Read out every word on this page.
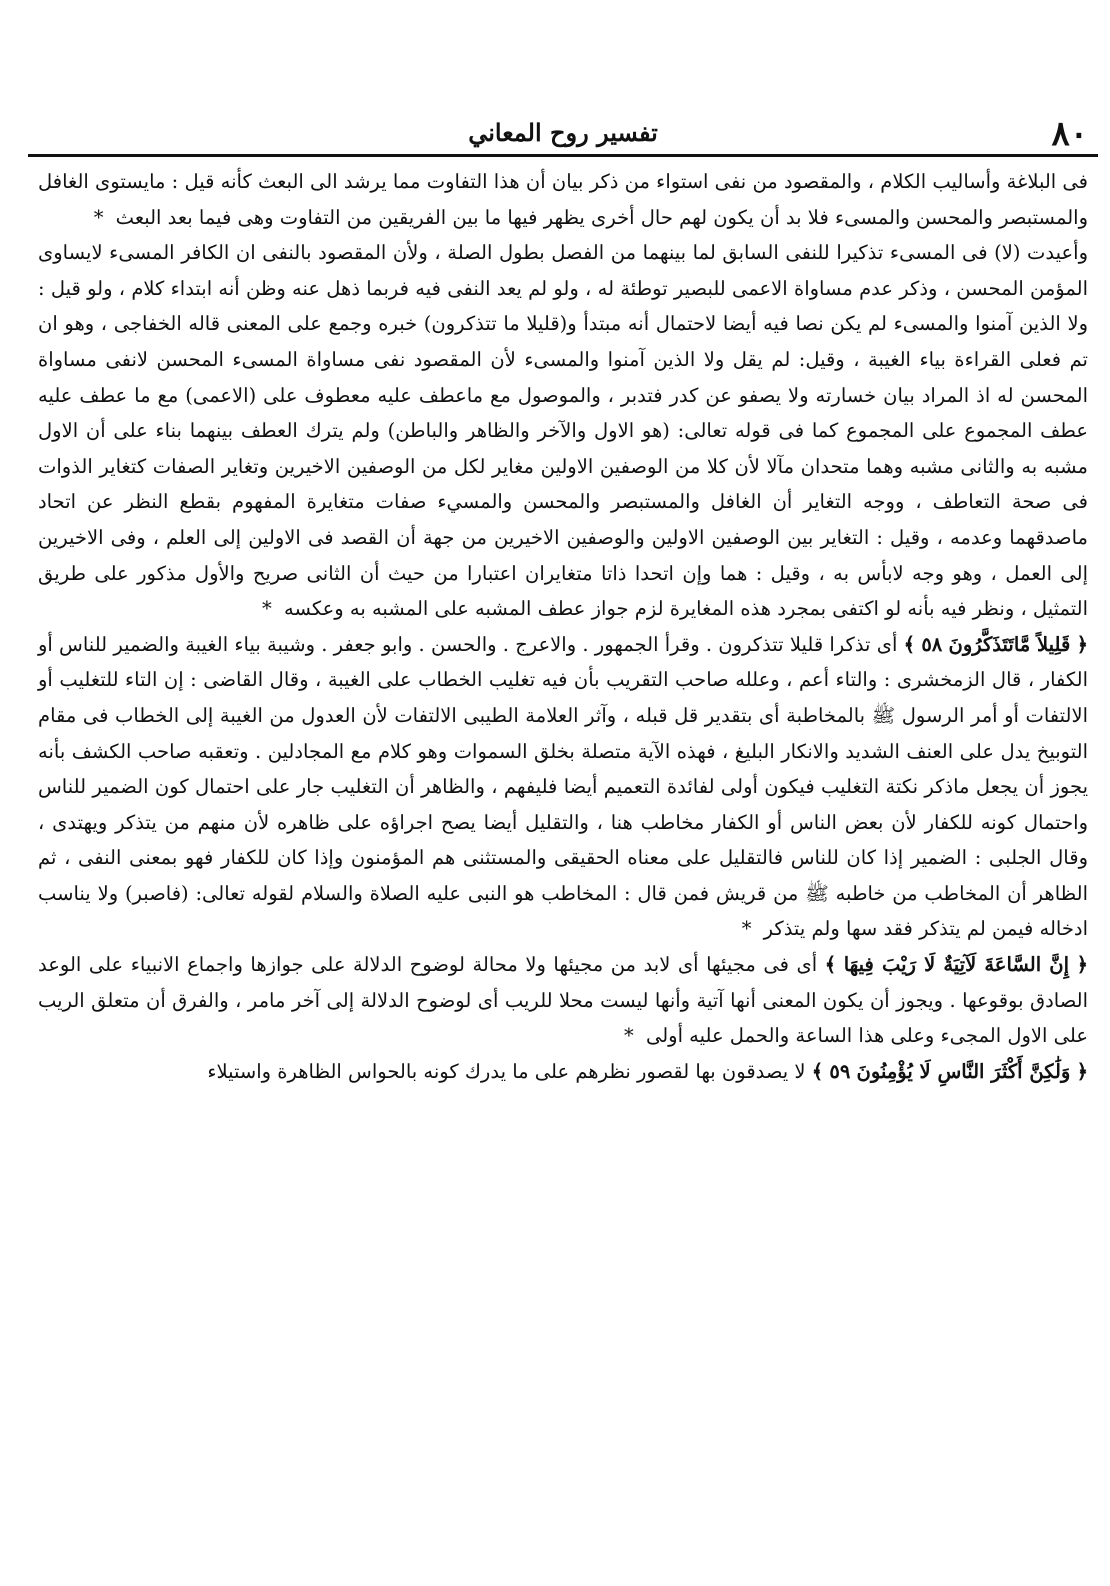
٨٠
تفسير روح المعاني

فى البلاغة وأساليب الكلام ، والمقصود من نفى استواء من ذكر بيان أن هذا التفاوت مما يرشد الى البعث كأنه قيل : مايستوى الغافل والمستبصر والمحسن والمسىء فلا بد أن يكون لهم حال أخرى يظهر فيها ما بين الفريقين من التفاوت وهى فيما بعد البعث *

وأعيدت (لا) فى المسىء تذكيرا للنفى السابق لما بينهما من الفصل بطول الصلة ، ولأن المقصود بالنفى ان الكافر المسىء لايساوى المؤمن المحسن ، وذكر عدم مساواة الاعمى للبصير توطئة له ، ولو لم يعد النفى فيه فربما ذهل عنه وظن أنه ابتداء كلام ، ولو قيل : ولا الذين آمنوا والمسىء لم يكن نصا فيه أيضا لاحتمال أنه مبتدأ و(قليلا ما تتذكرون) خبره وجمع على المعنى قاله الخفاجى ، وهو ان تم فعلى القراءة بياء الغيبة ، وقيل: لم يقل ولا الذين آمنوا والمسىء لأن المقصود نفى مساواة المسىء المحسن لانفى مساواة المحسن له اذ المراد بيان خسارته ولا يصفو عن كدر فتدبر ، والموصول مع ماعطف عليه معطوف على (الاعمى) مع ما عطف عليه عطف المجموع على المجموع كما فى قوله تعالى: (هو الاول والآخر والظاهر والباطن) ولم يترك العطف بينهما بناء على أن الاول مشبه به والثانى مشبه وهما متحدان مآلا لأن كلا من الوصفين الاولين مغاير لكل من الوصفين الاخيرين وتغاير الصفات كتغاير الذوات فى صحة التعاطف ، ووجه التغاير أن الغافل والمستبصر والمحسن والمسيء صفات متغايرة المفهوم بقطع النظر عن اتحاد ماصدقهما وعدمه ، وقيل : التغاير بين الوصفين الاولين والوصفين الاخيرين من جهة أن القصد فى الاولين إلى العلم ، وفى الاخيرين إلى العمل ، وهو وجه لابأس به ، وقيل : هما وإن اتحدا ذاتا متغايران اعتبارا من حيث أن الثانى صريح والأول مذكور على طريق التمثيل ، ونظر فيه بأنه لو اكتفى بمجرد هذه المغايرة لزم جواز عطف المشبه على المشبه به وعكسه *

﴿ قَلِيلاً مَّاتَتَذَكَّرُونَ ٥٨ ﴾ أى تذكرا قليلا تتذكرون . وقرأ الجمهور . والاعرج . والحسن . وابو جعفر . وشيبة بياء الغيبة والضمير للناس أو الكفار ، قال الزمخشرى : والتاء أعم ، وعلله صاحب التقريب بأن فيه تغليب الخطاب على الغيبة ، وقال القاضى : إن التاء للتغليب أو الالتفات أو أمر الرسول ﷺ بالمخاطبة أى بتقدير قل قبله ، وآثر العلامة الطيبى الالتفات لأن العدول من الغيبة إلى الخطاب فى مقام التوبيخ يدل على العنف الشديد والانكار البليغ ، فهذه الآية متصلة بخلق السموات وهو كلام مع المجادلين . وتعقبه صاحب الكشف بأنه يجوز أن يجعل ماذكر نكتة التغليب فيكون أولى لفائدة التعميم أيضا فليفهم ، والظاهر أن التغليب جار على احتمال كون الضمير للناس واحتمال كونه للكفار لأن بعض الناس أو الكفار مخاطب هنا ، والتقليل أيضا يصح اجراؤه على ظاهره لأن منهم من يتذكر ويهتدى ، وقال الجلبى : الضمير إذا كان للناس فالتقليل على معناه الحقيقى والمستثنى هم المؤمنون وإذا كان للكفار فهو بمعنى النفى ، ثم الظاهر أن المخاطب من خاطبه ﷺ من قريش فمن قال : المخاطب هو النبى عليه الصلاة والسلام لقوله تعالى: (فاصبر) ولا يناسب ادخاله فيمن لم يتذكر فقد سها ولم يتذكر *

﴿ إِنَّ السَّاعَةَ لَآتِيَةٌ لَا رَيْبَ فِيهَا ﴾ أى فى مجيئها أى لابد من مجيئها ولا محالة لوضوح الدلالة على جوازها واجماع الانبياء على الوعد الصادق بوقوعها . ويجوز أن يكون المعنى أنها آتية وأنها ليست محلا للريب أى لوضوح الدلالة إلى آخر مامر ، والفرق أن متعلق الريب على الاول المجىء وعلى هذا الساعة والحمل عليه أولى *

﴿ وَلَٰكِنَّ أَكْثَرَ النَّاسِ لَا يُؤْمِنُونَ ٥٩ ﴾ لا يصدقون بها لقصور نظرهم على ما يدرك كونه بالحواس الظاهرة واستيلاء
